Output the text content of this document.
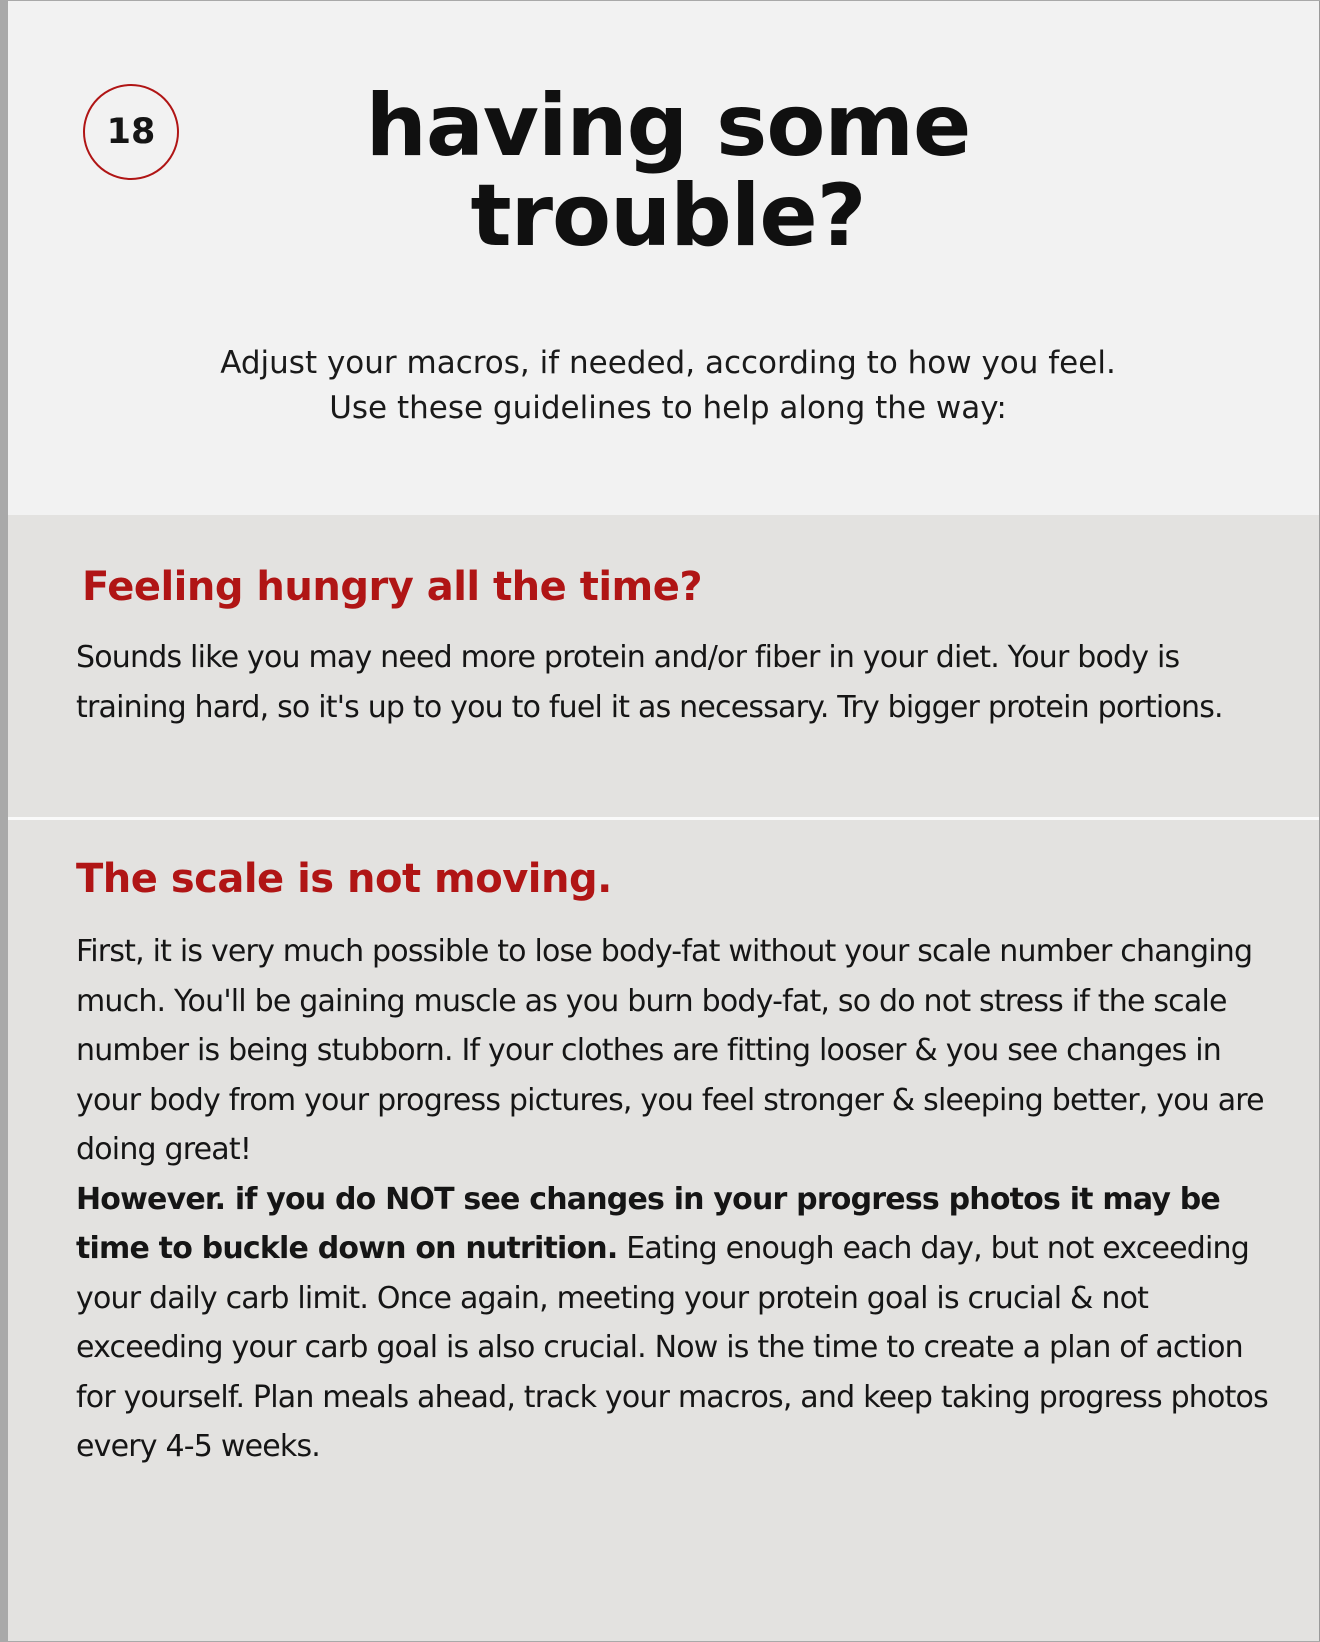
18	having some trouble?

Adjust your macros, if needed, according to how you feel. Use these guidelines to help along the way:

Feeling hungry all the time?

Sounds like you may need more protein and/or fiber in your diet. Your body is training hard, so it's up to you to fuel it as necessary. Try bigger protein portions.

The scale is not moving.

First, it is very much possible to lose body-fat without your scale number changing much. You'll be gaining muscle as you burn body-fat, so do not stress if the scale number is being stubborn. If your clothes are fitting looser & you see changes in your body from your progress pictures, you feel stronger & sleeping better, you are doing great!
However. if you do NOT see changes in your progress photos it may be time to buckle down on nutrition. Eating enough each day, but not exceeding your daily carb limit. Once again, meeting your protein goal is crucial & not exceeding your carb goal is also crucial. Now is the time to create a plan of action for yourself. Plan meals ahead, track your macros, and keep taking progress photos every 4-5 weeks.
